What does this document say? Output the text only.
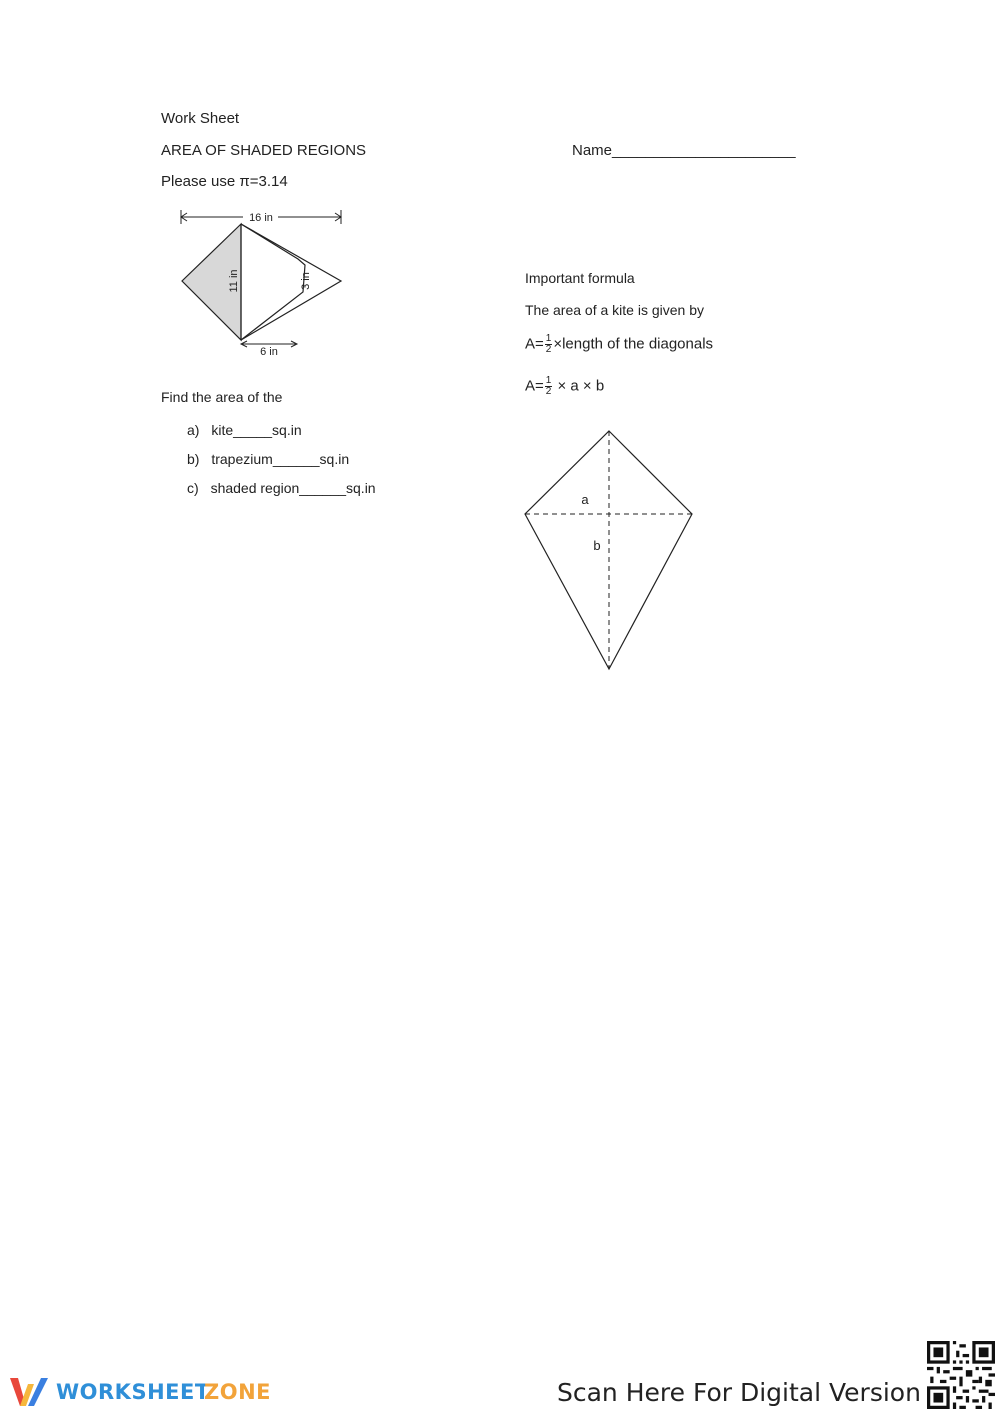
Work Sheet
AREA OF SHADED REGIONS
Please use π=3.14
Name______________________
16 in
11 in	3 in
6 in
Find the area of the
a) kite_____sq.in
b) trapezium______sq.in
c) shaded region______sq.in
Important formula
The area of a kite is given by
$A= \frac{1}{2}$ ×length of the diagonals
$A= \frac{1}{2} \times a \times b$
a
b
WORKSHEET
ZONE	Scan Here For Digital Version
